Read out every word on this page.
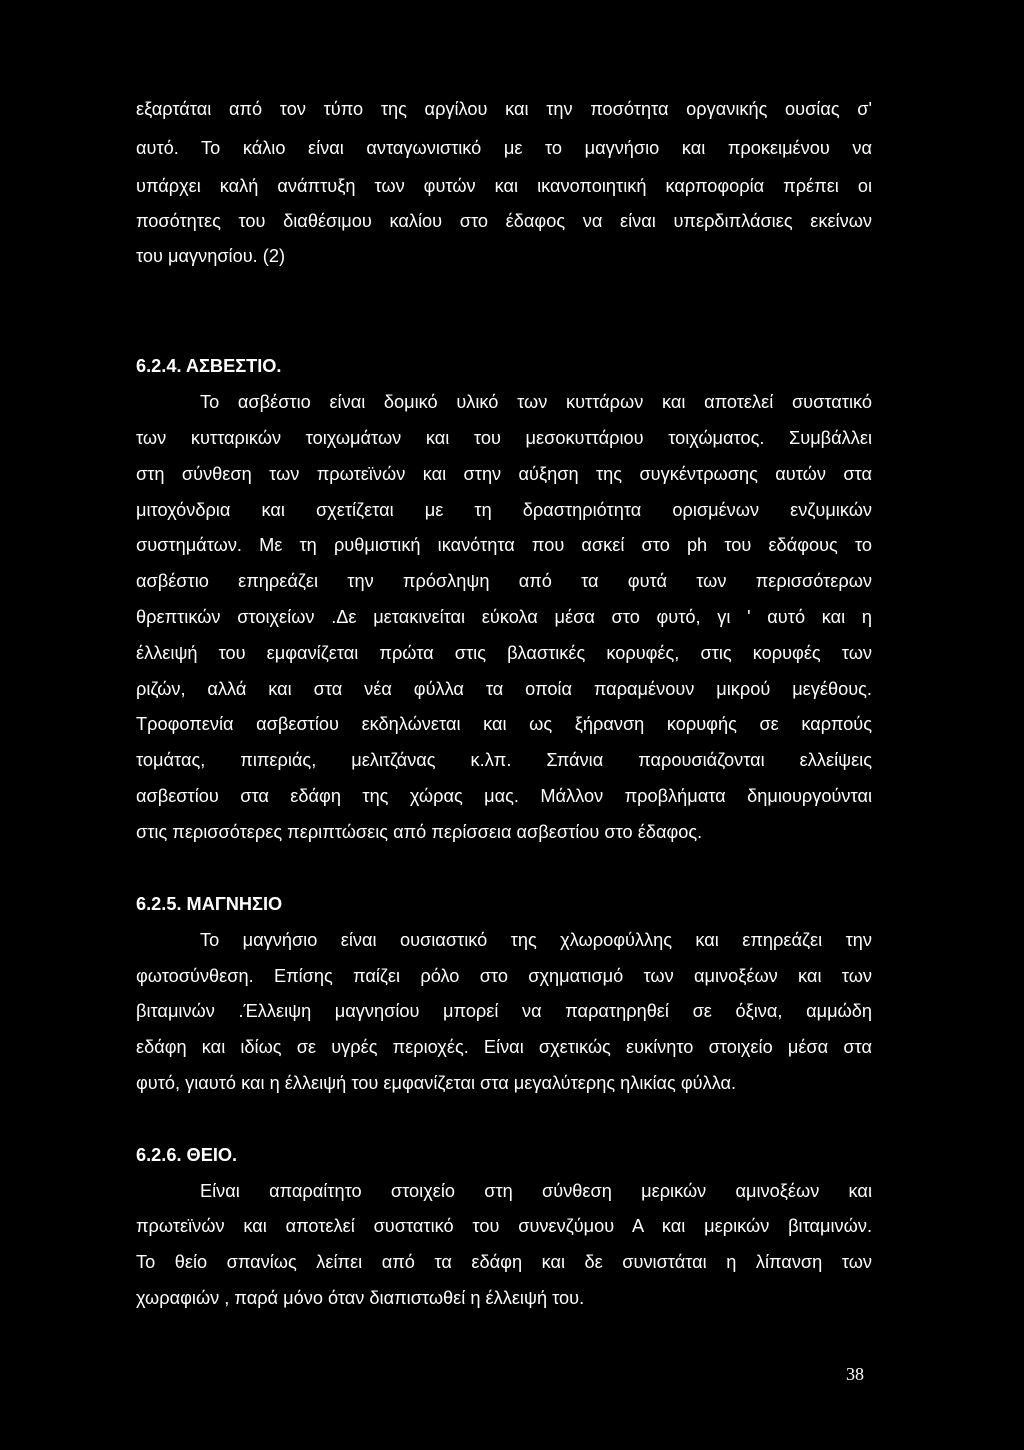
εξαρτάται από τον τύπο της αργίλου και την ποσότητα οργανικής ουσίας σ'
αυτό. Το κάλιο είναι ανταγωνιστικό με το μαγνήσιο και προκειμένου να
υπάρχει καλή ανάπτυξη των φυτών και ικανοποιητική καρποφορία πρέπει οι
ποσότητες του διαθέσιμου καλίου στο έδαφος να είναι υπερδιπλάσιες εκείνων
του μαγνησίου. (2)
6.2.4. ΑΣΒΕΣΤΙΟ.
Το ασβέστιο είναι δομικό υλικό των κυττάρων και αποτελεί συστατικό
των κυτταρικών τοιχωμάτων και του μεσοκυττάριου τοιχώματος. Συμβάλλει
στη σύνθεση των πρωτεϊνών και στην αύξηση της συγκέντρωσης αυτών στα
μιτοχόνδρια και σχετίζεται με τη δραστηριότητα ορισμένων ενζυμικών
συστημάτων. Με τη ρυθμιστική ικανότητα που ασκεί στο ph του εδάφους το
ασβέστιο επηρεάζει την πρόσληψη από τα φυτά των περισσότερων
θρεπτικών στοιχείων .Δε μετακινείται εύκολα μέσα στο φυτό, γι ' αυτό και η
έλλειψή του εμφανίζεται πρώτα στις βλαστικές κορυφές, στις κορυφές των
ριζών, αλλά και στα νέα φύλλα τα οποία παραμένουν μικρού μεγέθους.
Τροφοπενία ασβεστίου εκδηλώνεται και ως ξήρανση κορυφής σε καρπούς
τομάτας, πιπεριάς, μελιτζάνας κ.λπ. Σπάνια παρουσιάζονται ελλείψεις
ασβεστίου στα εδάφη της χώρας μας. Μάλλον προβλήματα δημιουργούνται
στις περισσότερες περιπτώσεις από περίσσεια ασβεστίου στο έδαφος.
6.2.5. ΜΑΓΝΗΣΙΟ
Το μαγνήσιο είναι ουσιαστικό της χλωροφύλλης και επηρεάζει την
φωτοσύνθεση. Επίσης παίζει ρόλο στο σχηματισμό των αμινοξέων και των
βιταμινών .Έλλειψη μαγνησίου μπορεί να παρατηρηθεί σε όξινα, αμμώδη
εδάφη και ιδίως σε υγρές περιοχές. Είναι σχετικώς ευκίνητο στοιχείο μέσα στα
φυτό, γιαυτό και η έλλειψή του εμφανίζεται στα μεγαλύτερης ηλικίας φύλλα.
6.2.6. ΘΕΙΟ.
Είναι απαραίτητο στοιχείο στη σύνθεση μερικών αμινοξέων και
πρωτεϊνών και αποτελεί συστατικό του συνενζύμου Α και μερικών βιταμινών.
Το θείο σπανίως λείπει από τα εδάφη και δε συνιστάται η λίπανση των
χωραφιών , παρά μόνο όταν διαπιστωθεί η έλλειψή του.
38
